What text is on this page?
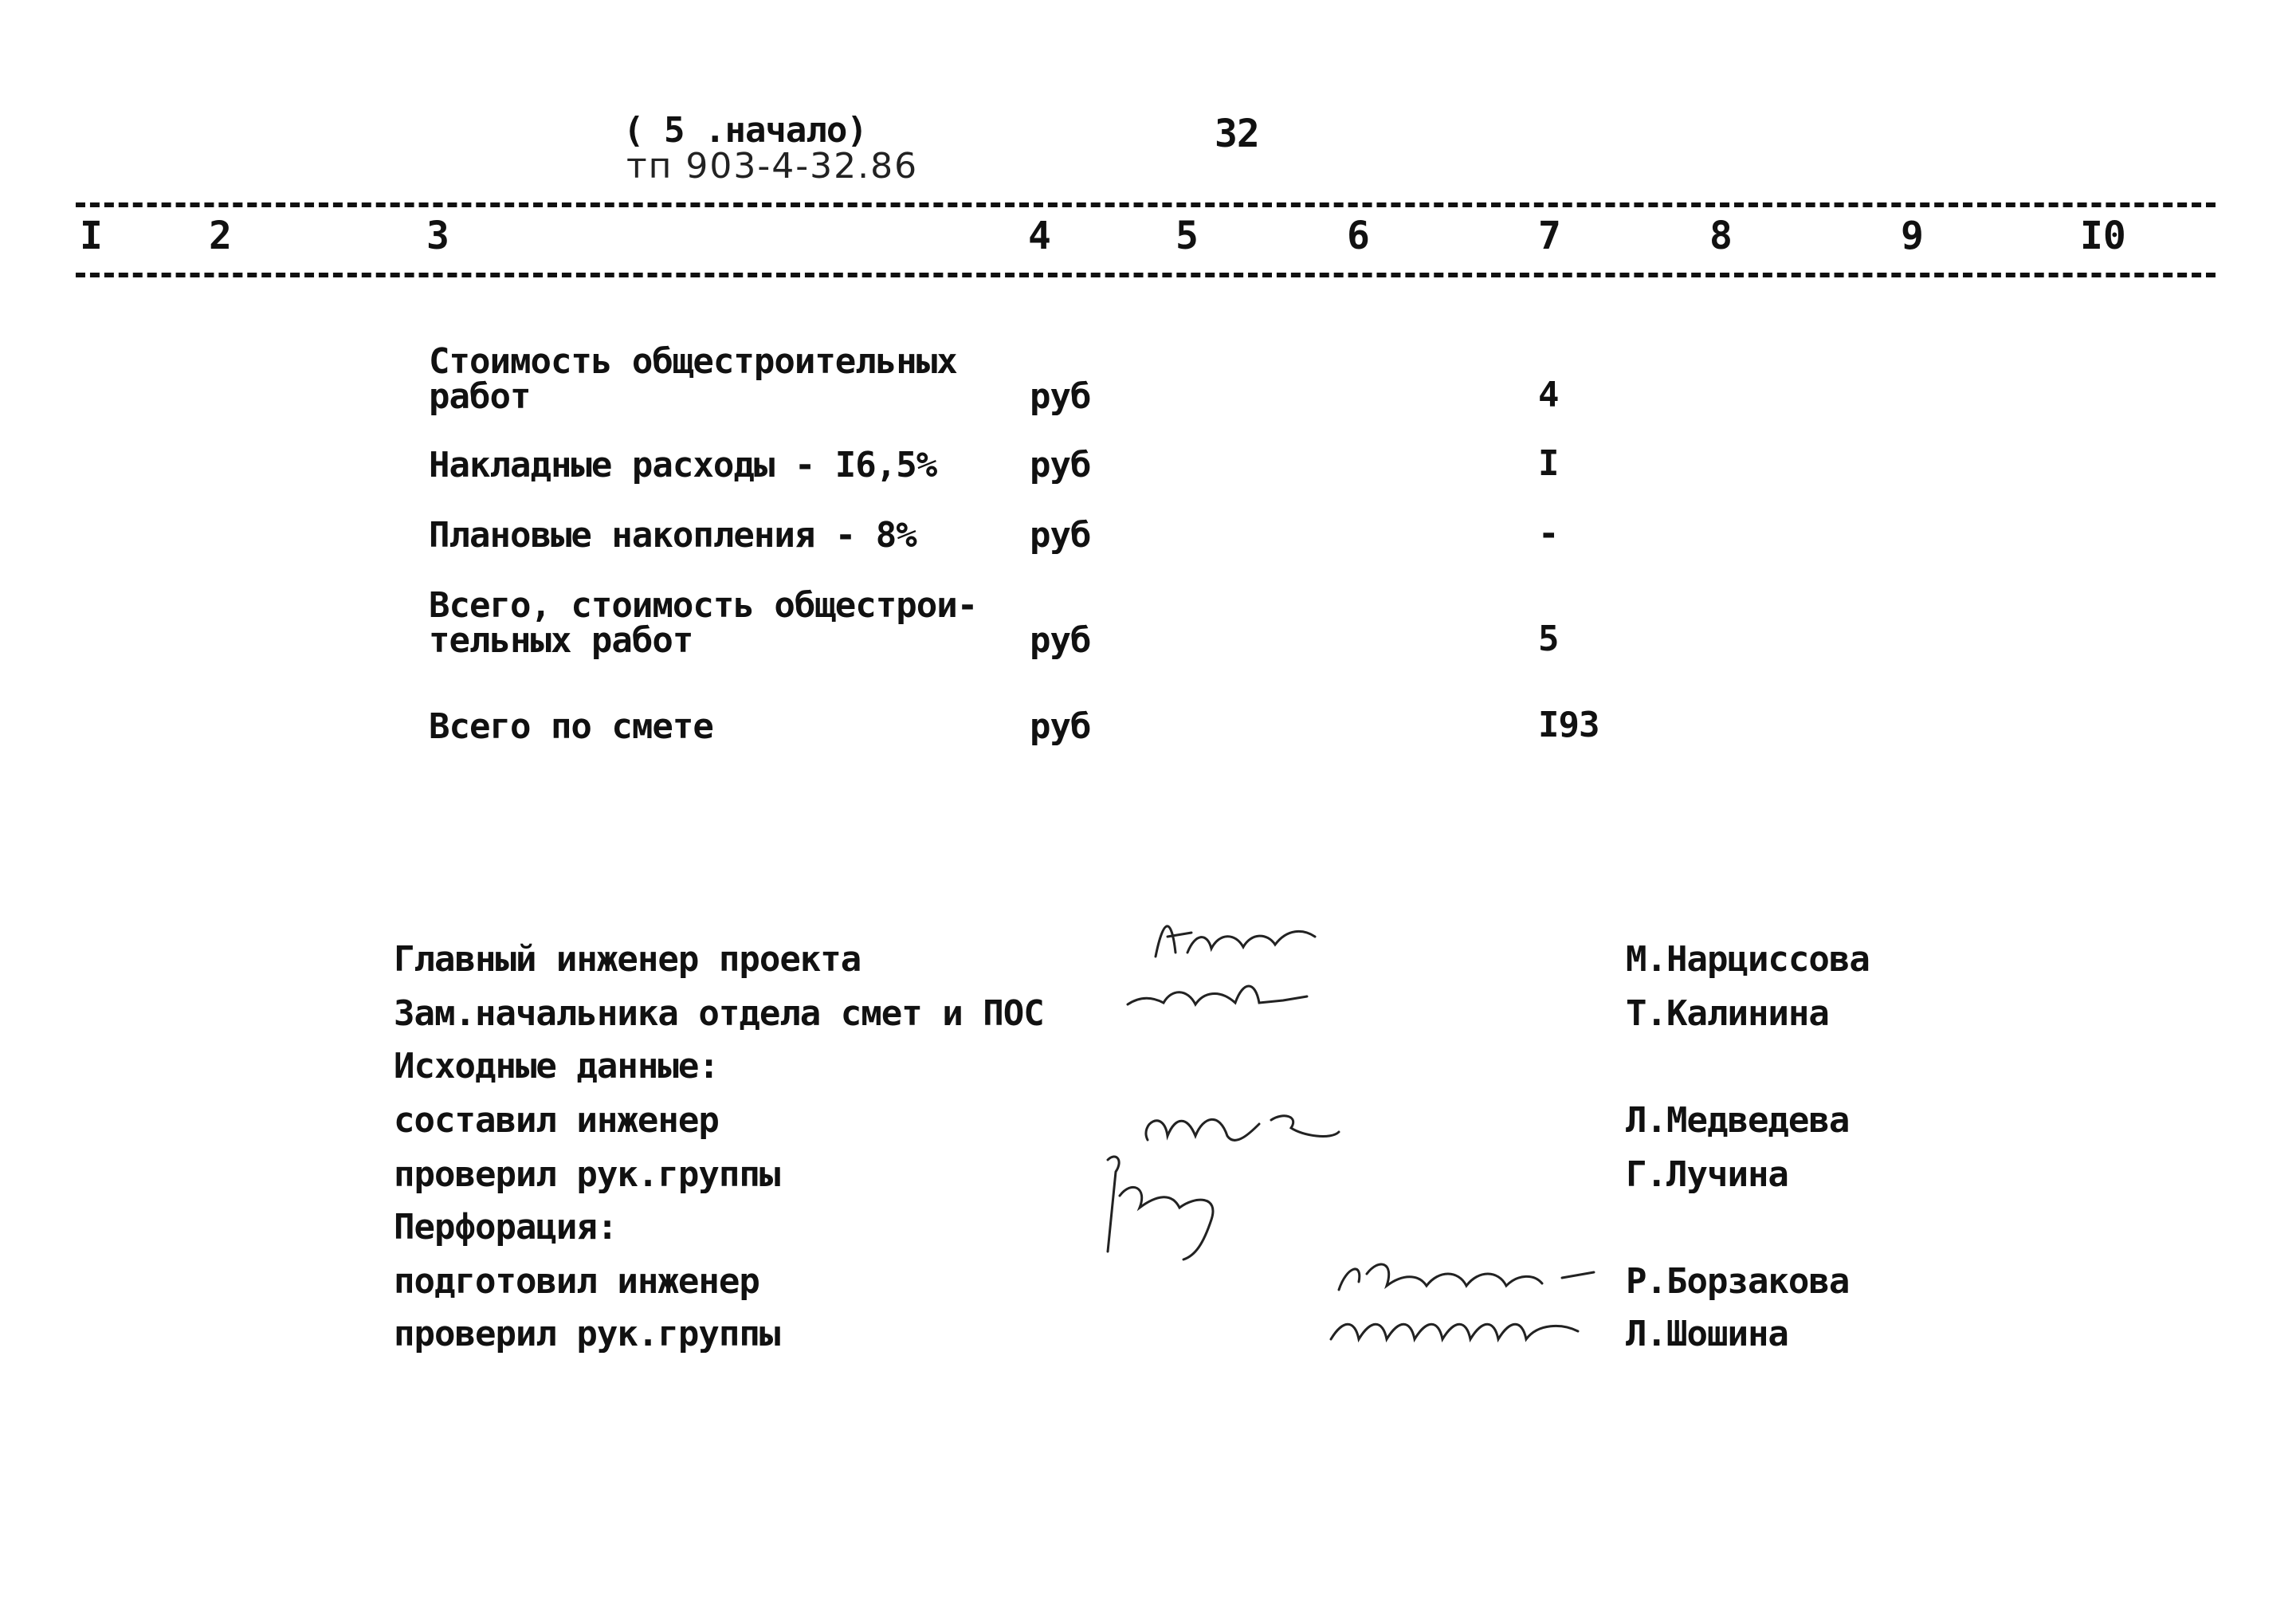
( 5 .начало)
тп 903-4-32.86
32
I	2	3	4	5	6	7	8	9	I0
Стоимость общестроительных
работ	руб	4
Накладные расходы - I6,5%	руб	I
Плановые накопления - 8%	руб	-
Всего, стоимость общестрои-
тельных работ	руб	5
Всего по смете	руб	I93
Главный инженер проекта	М.Нарциссова
Зам.начальника отдела смет и ПОС	Т.Калинина
Исходные данные:
составил инженер	Л.Медведева
проверил рук.группы	Г.Лучина
Перфорация:
подготовил инженер	Р.Борзакова
проверил рук.группы	Л.Шошина
